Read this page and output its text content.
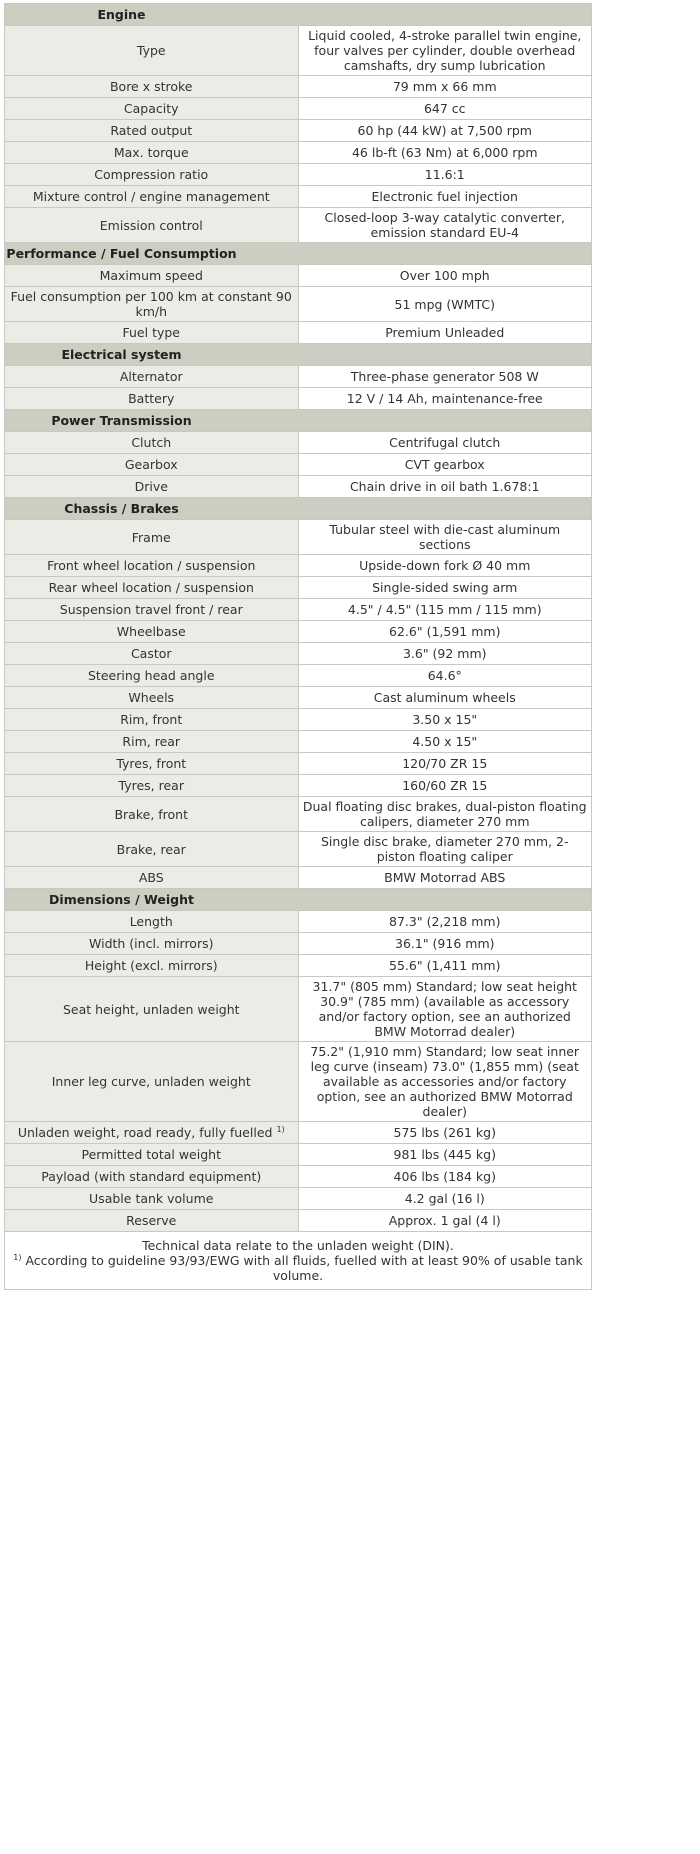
Engine	
Type	Liquid cooled, 4-stroke parallel twin engine, four valves per cylinder, double overhead camshafts, dry sump lubrication
Bore x stroke	79 mm x 66 mm
Capacity	647 cc
Rated output	60 hp (44 kW) at 7,500 rpm
Max. torque	46 lb-ft (63 Nm) at 6,000 rpm
Compression ratio	11.6:1
Mixture control / engine management	Electronic fuel injection
Emission control	Closed-loop 3-way catalytic converter, emission standard EU-4
Performance / Fuel Consumption	
Maximum speed	Over 100 mph
Fuel consumption per 100 km at constant 90 km/h	51 mpg (WMTC)
Fuel type	Premium Unleaded
Electrical system	
Alternator	Three-phase generator 508 W
Battery	12 V / 14 Ah, maintenance-free
Power Transmission	
Clutch	Centrifugal clutch
Gearbox	CVT gearbox
Drive	Chain drive in oil bath 1.678:1
Chassis / Brakes	
Frame	Tubular steel with die-cast aluminum sections
Front wheel location / suspension	Upside-down fork Ø 40 mm
Rear wheel location / suspension	Single-sided swing arm
Suspension travel front / rear	4.5" / 4.5" (115 mm / 115 mm)
Wheelbase	62.6" (1,591 mm)
Castor	3.6" (92 mm)
Steering head angle	64.6°
Wheels	Cast aluminum wheels
Rim, front	3.50 x 15"
Rim, rear	4.50 x 15"
Tyres, front	120/70 ZR 15
Tyres, rear	160/60 ZR 15
Brake, front	Dual floating disc brakes, dual-piston floating calipers, diameter 270 mm
Brake, rear	Single disc brake, diameter 270 mm, 2-piston floating caliper
ABS	BMW Motorrad ABS
Dimensions / Weight	
Length	87.3" (2,218 mm)
Width (incl. mirrors)	36.1" (916 mm)
Height (excl. mirrors)	55.6" (1,411 mm)
Seat height, unladen weight	31.7" (805 mm) Standard; low seat height 30.9" (785 mm) (available as accessory and/or factory option, see an authorized BMW Motorrad dealer)
Inner leg curve, unladen weight	75.2" (1,910 mm) Standard; low seat inner leg curve (inseam) 73.0" (1,855 mm) (seat available as accessories and/or factory option, see an authorized BMW Motorrad dealer)
Unladen weight, road ready, fully fuelled $^{1)}$	575 lbs (261 kg)
Permitted total weight	981 lbs (445 kg)
Payload (with standard equipment)	406 lbs (184 kg)
Usable tank volume	4.2 gal (16 l)
Reserve	Approx. 1 gal (4 l)

Technical data relate to the unladen weight (DIN).
$^{1)}$ According to guideline 93/93/EWG with all fluids, fuelled with at least 90% of usable tank volume.	
